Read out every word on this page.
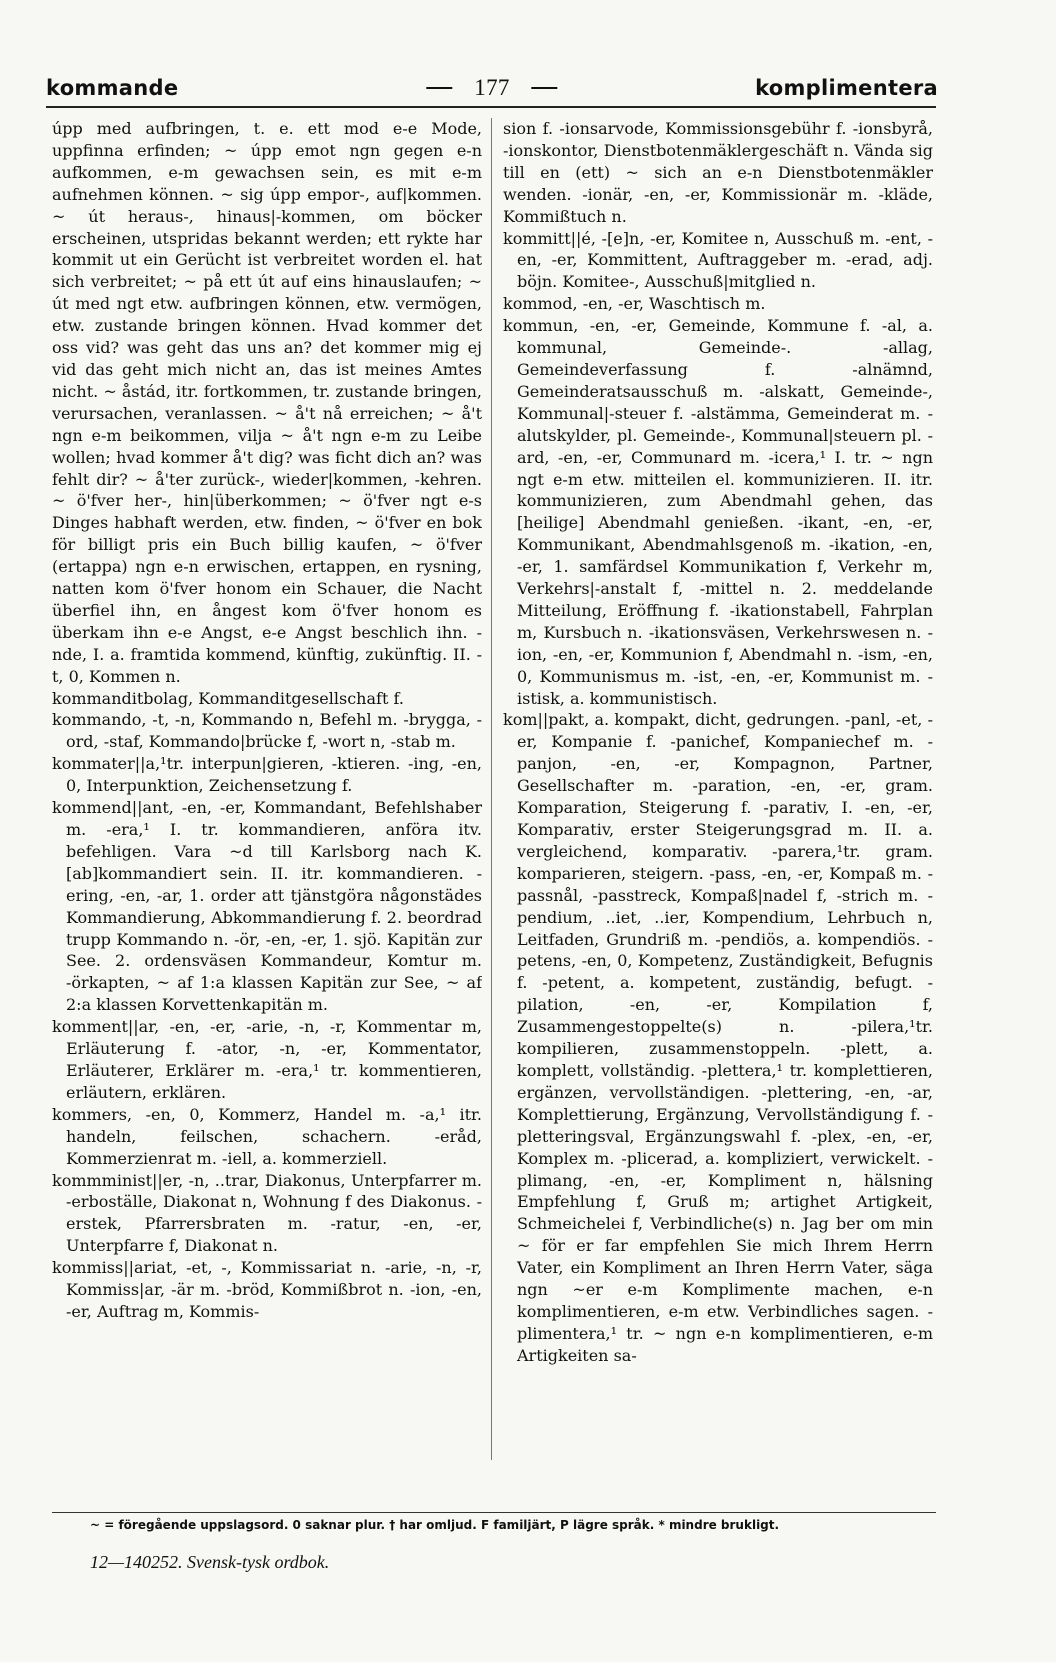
kommande	177	komplimentera

úpp med aufbringen, t. e. ett mod e-e Mode, uppfinna erfinden; ~ úpp emot ngn gegen e-n aufkommen, e-m gewachsen sein, es mit e-m aufnehmen können. ~ sig úpp empor-, auf|kommen. ~ út heraus-, hinaus|-kommen, om böcker erscheinen, utspridas bekannt werden; ett rykte har kommit ut ein Gerücht ist verbreitet worden el. hat sich verbreitet; ~ på ett út auf eins hinauslaufen; ~ út med ngt etw. aufbringen können, etw. vermögen, etw. zustande bringen können. Hvad kommer det oss vid? was geht das uns an? det kommer mig ej vid das geht mich nicht an, das ist meines Amtes nicht. ~ åstád, itr. fortkommen, tr. zustande bringen, verursachen, veranlassen. ~ å't nå erreichen; ~ å't ngn e-m beikommen, vilja ~ å't ngn e-m zu Leibe wollen; hvad kommer å't dig? was ficht dich an? was fehlt dir? ~ å'ter zurück-, wieder|kommen, -kehren. ~ ö'fver her-, hin|überkommen; ~ ö'fver ngt e-s Dinges habhaft werden, etw. finden, ~ ö'fver en bok för billigt pris ein Buch billig kaufen, ~ ö'fver (ertappa) ngn e-n erwischen, ertappen, en rysning, natten kom ö'fver honom ein Schauer, die Nacht überfiel ihn, en ångest kom ö'fver honom es überkam ihn e-e Angst, e-e Angst beschlich ihn. -nde, I. a. framtida kommend, künftig, zukünftig. II. -t, 0, Kommen n.

kommanditbolag, Kommanditgesellschaft f.

kommando, -t, -n, Kommando n, Befehl m. -brygga, -ord, -staf, Kommando|brücke f, -wort n, -stab m.

kommater||a,¹tr. interpun|gieren, -ktieren. -ing, -en, 0, Interpunktion, Zeichensetzung f.

kommend||ant, -en, -er, Kommandant, Befehlshaber m. -era,¹ I. tr. kommandieren, anföra itv. befehligen. Vara ~d till Karlsborg nach K. [ab]kommandiert sein. II. itr. kommandieren. -ering, -en, -ar, 1. order att tjänstgöra någonstädes Kommandierung, Abkommandierung f. 2. beordrad trupp Kommando n. -ör, -en, -er, 1. sjö. Kapitän zur See. 2. ordensväsen Kommandeur, Komtur m. -örkapten, ~ af 1:a klassen Kapitän zur See, ~ af 2:a klassen Korvettenkapitän m.

komment||ar, -en, -er, -arie, -n, -r, Kommentar m, Erläuterung f. -ator, -n, -er, Kommentator, Erläuterer, Erklärer m. -era,¹ tr. kommentieren, erläutern, erklären.

kommers, -en, 0, Kommerz, Handel m. -a,¹ itr. handeln, feilschen, schachern. -eråd, Kommerzienrat m. -iell, a. kommerziell.

kommminist||er, -n, ..trar, Diakonus, Unterpfarrer m. -erboställe, Diakonat n, Wohnung f des Diakonus. -erstek, Pfarrersbraten m. -ratur, -en, -er, Unterpfarre f, Diakonat n.

kommiss||ariat, -et, -, Kommissariat n. -arie, -n, -r, Kommiss|ar, -är m. -bröd, Kommißbrot n. -ion, -en, -er, Auftrag m, Kommis-

sion f. -ionsarvode, Kommissionsgebühr f. -ionsbyrå, -ionskontor, Dienstbotenmäklergeschäft n. Vända sig till en (ett) ~ sich an e-n Dienstbotenmäkler wenden. -ionär, -en, -er, Kommissionär m. -kläde, Kommißtuch n.

kommitt||é, -[e]n, -er, Komitee n, Ausschuß m. -ent, -en, -er, Kommittent, Auftraggeber m. -erad, adj. böjn. Komitee-, Ausschuß|mitglied n.

kommod, -en, -er, Waschtisch m.

kommun, -en, -er, Gemeinde, Kommune f. -al, a. kommunal, Gemeinde-. -allag, Gemeindeverfassung f. -alnämnd, Gemeinderatsausschuß m. -alskatt, Gemeinde-, Kommunal|-steuer f. -alstämma, Gemeinderat m. -alutskylder, pl. Gemeinde-, Kommunal|steuern pl. -ard, -en, -er, Communard m. -icera,¹ I. tr. ~ ngn ngt e-m etw. mitteilen el. kommunizieren. II. itr. kommunizieren, zum Abendmahl gehen, das [heilige] Abendmahl genießen. -ikant, -en, -er, Kommunikant, Abendmahlsgenoß m. -ikation, -en, -er, 1. samfärdsel Kommunikation f, Verkehr m, Verkehrs|-anstalt f, -mittel n. 2. meddelande Mitteilung, Eröffnung f. -ikationstabell, Fahrplan m, Kursbuch n. -ikationsväsen, Verkehrswesen n. -ion, -en, -er, Kommunion f, Abendmahl n. -ism, -en, 0, Kommunismus m. -ist, -en, -er, Kommunist m. -istisk, a. kommunistisch.

kom||pakt, a. kompakt, dicht, gedrungen. -panl, -et, -er, Kompanie f. -panichef, Kompaniechef m. -panjon, -en, -er, Kompagnon, Partner, Gesellschafter m. -paration, -en, -er, gram. Komparation, Steigerung f. -parativ, I. -en, -er, Komparativ, erster Steigerungsgrad m. II. a. vergleichend, komparativ. -parera,¹tr. gram. komparieren, steigern. -pass, -en, -er, Kompaß m. -passnål, -passtreck, Kompaß|nadel f, -strich m. -pendium, ..iet, ..ier, Kompendium, Lehrbuch n, Leitfaden, Grundriß m. -pendiös, a. kompendiös. -petens, -en, 0, Kompetenz, Zuständigkeit, Befugnis f. -petent, a. kompetent, zuständig, befugt. -pilation, -en, -er, Kompilation f, Zusammengestoppelte(s) n. -pilera,¹tr. kompilieren, zusammenstoppeln. -plett, a. komplett, vollständig. -plettera,¹ tr. komplettieren, ergänzen, vervollständigen. -plettering, -en, -ar, Komplettierung, Ergänzung, Vervollständigung f. -pletteringsval, Ergänzungswahl f. -plex, -en, -er, Komplex m. -plicerad, a. kompliziert, verwickelt. -plimang, -en, -er, Kompliment n, hälsning Empfehlung f, Gruß m; artighet Artigkeit, Schmeichelei f, Verbindliche(s) n. Jag ber om min ~ för er far empfehlen Sie mich Ihrem Herrn Vater, ein Kompliment an Ihren Herrn Vater, säga ngn ~er e-m Komplimente machen, e-n komplimentieren, e-m etw. Verbindliches sagen. -plimentera,¹ tr. ~ ngn e-n komplimentieren, e-m Artigkeiten sa-

~ = föregående uppslagsord. 0 saknar plur. † har omljud. F familjärt, P lägre språk. * mindre brukligt.
12—140252. Svensk-tysk ordbok.
